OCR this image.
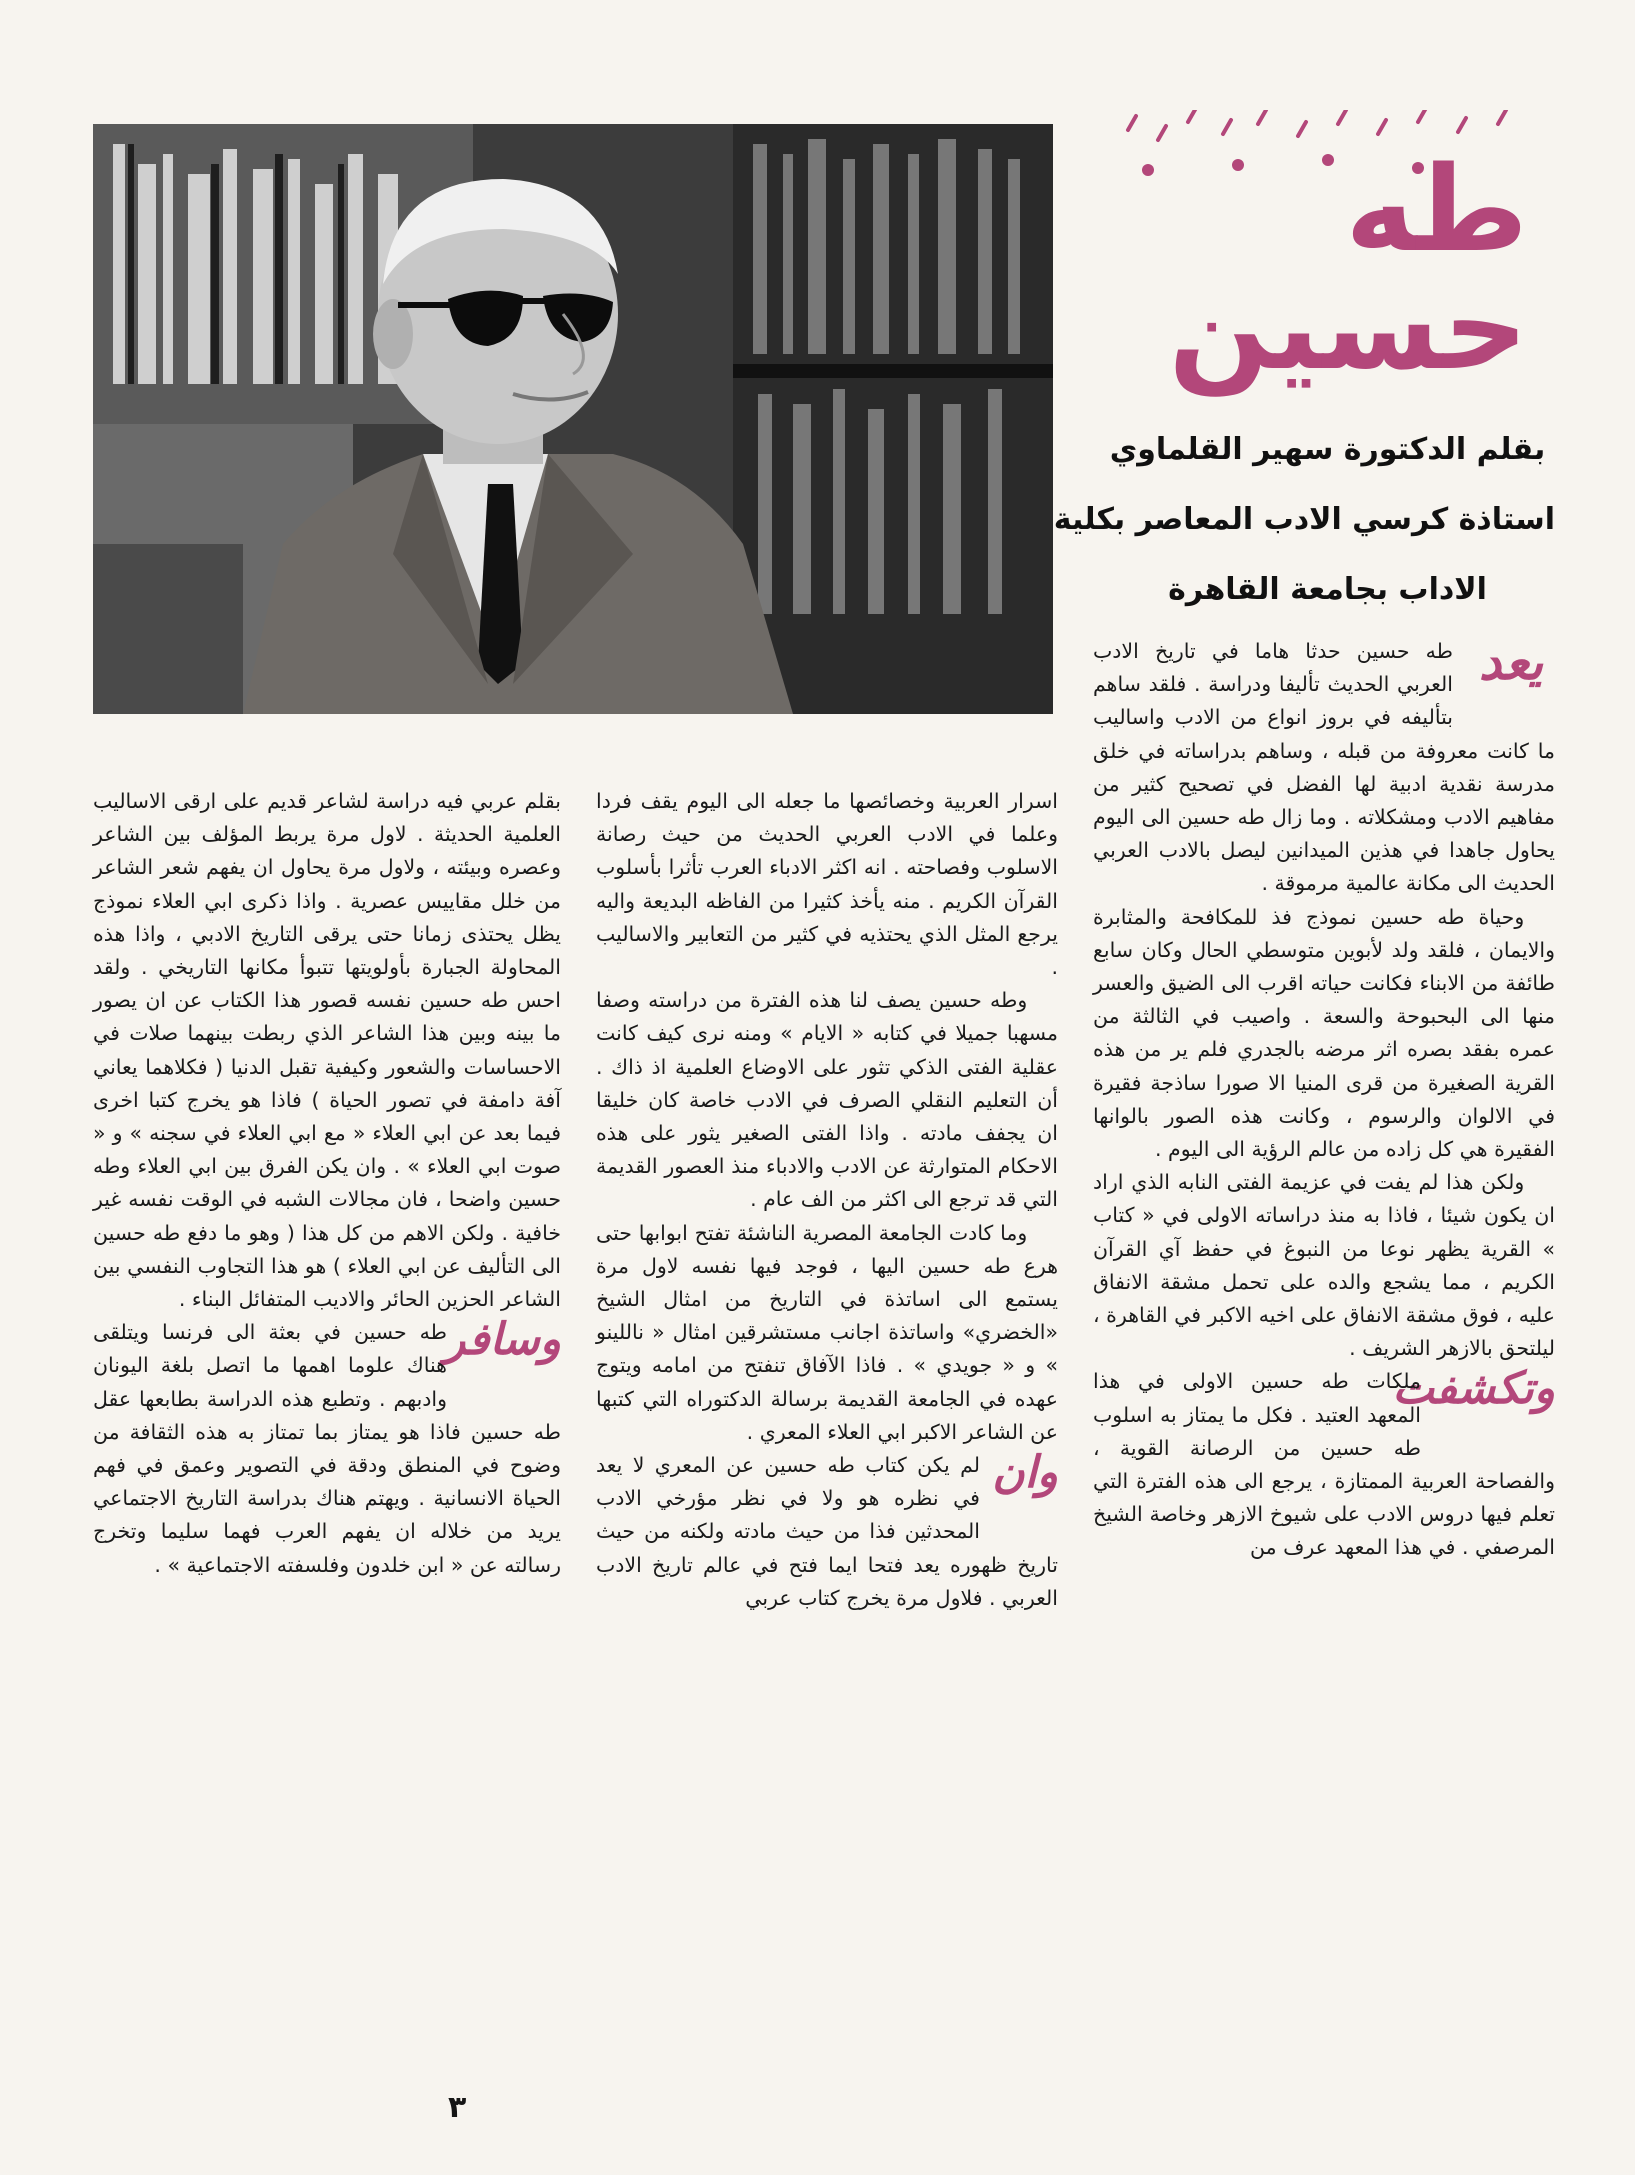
طه حسين
بقلم الدكتورة سهير القلماوي
استاذة كرسي الادب المعاصر بكلية
الاداب بجامعة القاهرة
يعد

طه حسين حدثا هاما في تاريخ الادب العربي الحديث تأليفا ودراسة . فلقد ساهم بتأليفه في بروز انواع من الادب واساليب ما كانت معروفة من قبله ، وساهم بدراساته في خلق مدرسة نقدية ادبية لها الفضل في تصحيح كثير من مفاهيم الادب ومشكلاته . وما زال طه حسين الى اليوم يحاول جاهدا في هذين الميدانين ليصل بالادب العربي الحديث الى مكانة عالمية مرموقة .

وحياة طه حسين نموذج فذ للمكافحة والمثابرة والايمان ، فلقد ولد لأبوين متوسطي الحال وكان سابع طائفة من الابناء فكانت حياته اقرب الى الضيق والعسر منها الى البحبوحة والسعة . واصيب في الثالثة من عمره بفقد بصره اثر مرضه بالجدري فلم ير من هذه القرية الصغيرة من قرى المنيا الا صورا ساذجة فقيرة في الالوان والرسوم ، وكانت هذه الصور بالوانها الفقيرة هي كل زاده من عالم الرؤية الى اليوم .

ولكن هذا لم يفت في عزيمة الفتى النابه الذي اراد ان يكون شيئا ، فاذا به منذ دراساته الاولى في « كتاب » القرية يظهر نوعا من النبوغ في حفظ آي القرآن الكريم ، مما يشجع والده على تحمل مشقة الانفاق عليه ، فوق مشقة الانفاق على اخيه الاكبر في القاهرة ، ليلتحق بالازهر الشريف .

وتكشفت

ملكات طه حسين الاولى في هذا المعهد العتيد . فكل ما يمتاز به اسلوب طه حسين من الرصانة القوية ، والفصاحة العربية الممتازة ، يرجع الى هذه الفترة التي تعلم فيها دروس الادب على شيوخ الازهر وخاصة الشيخ المرصفي . في هذا المعهد عرف من

اسرار العربية وخصائصها ما جعله الى اليوم يقف فردا وعلما في الادب العربي الحديث من حيث رصانة الاسلوب وفصاحته . انه اكثر الادباء العرب تأثرا بأسلوب القرآن الكريم . منه يأخذ كثيرا من الفاظه البديعة واليه يرجع المثل الذي يحتذيه في كثير من التعابير والاساليب .

وطه حسين يصف لنا هذه الفترة من دراسته وصفا مسهبا جميلا في كتابه « الايام » ومنه نرى كيف كانت عقلية الفتى الذكي تثور على الاوضاع العلمية اذ ذاك . أن التعليم النقلي الصرف في الادب خاصة كان خليقا ان يجفف مادته . واذا الفتى الصغير يثور على هذه الاحكام المتوارثة عن الادب والادباء منذ العصور القديمة التي قد ترجع الى اكثر من الف عام .

وما كادت الجامعة المصرية الناشئة تفتح ابوابها حتى هرع طه حسين اليها ، فوجد فيها نفسه لاول مرة يستمع الى اساتذة في التاريخ من امثال الشيخ «الخضري» واساتذة اجانب مستشرقين امثال « ناللينو » و « جويدي » . فاذا الآفاق تنفتح من امامه ويتوج عهده في الجامعة القديمة برسالة الدكتوراه التي كتبها عن الشاعر الاكبر ابي العلاء المعري .

وان

لم يكن كتاب طه حسين عن المعري لا يعد في نظره هو ولا في نظر مؤرخي الادب المحدثين فذا من حيث مادته ولكنه من حيث تاريخ ظهوره يعد فتحا ايما فتح في عالم تاريخ الادب العربي . فلاول مرة يخرج كتاب عربي

بقلم عربي فيه دراسة لشاعر قديم على ارقى الاساليب العلمية الحديثة . لاول مرة يربط المؤلف بين الشاعر وعصره وبيئته ، ولاول مرة يحاول ان يفهم شعر الشاعر من خلل مقاييس عصرية . واذا ذكرى ابي العلاء نموذج يظل يحتذى زمانا حتى يرقى التاريخ الادبي ، واذا هذه المحاولة الجبارة بأولويتها تتبوأ مكانها التاريخي . ولقد احس طه حسين نفسه قصور هذا الكتاب عن ان يصور ما بينه وبين هذا الشاعر الذي ربطت بينهما صلات في الاحساسات والشعور وكيفية تقبل الدنيا ( فكلاهما يعاني آفة دامفة في تصور الحياة ) فاذا هو يخرج كتبا اخرى فيما بعد عن ابي العلاء « مع ابي العلاء في سجنه » و « صوت ابي العلاء » . وان يكن الفرق بين ابي العلاء وطه حسين واضحا ، فان مجالات الشبه في الوقت نفسه غير خافية . ولكن الاهم من كل هذا ( وهو ما دفع طه حسين الى التأليف عن ابي العلاء ) هو هذا التجاوب النفسي بين الشاعر الحزين الحائر والاديب المتفائل البناء .

وسافر

طه حسين في بعثة الى فرنسا ويتلقى هناك علوما اهمها ما اتصل بلغة اليونان وادبهم . وتطبع هذه الدراسة بطابعها عقل طه حسين فاذا هو يمتاز بما تمتاز به هذه الثقافة من وضوح في المنطق ودقة في التصوير وعمق في فهم الحياة الانسانية . ويهتم هناك بدراسة التاريخ الاجتماعي يريد من خلاله ان يفهم العرب فهما سليما وتخرج رسالته عن « ابن خلدون وفلسفته الاجتماعية » .

٣
